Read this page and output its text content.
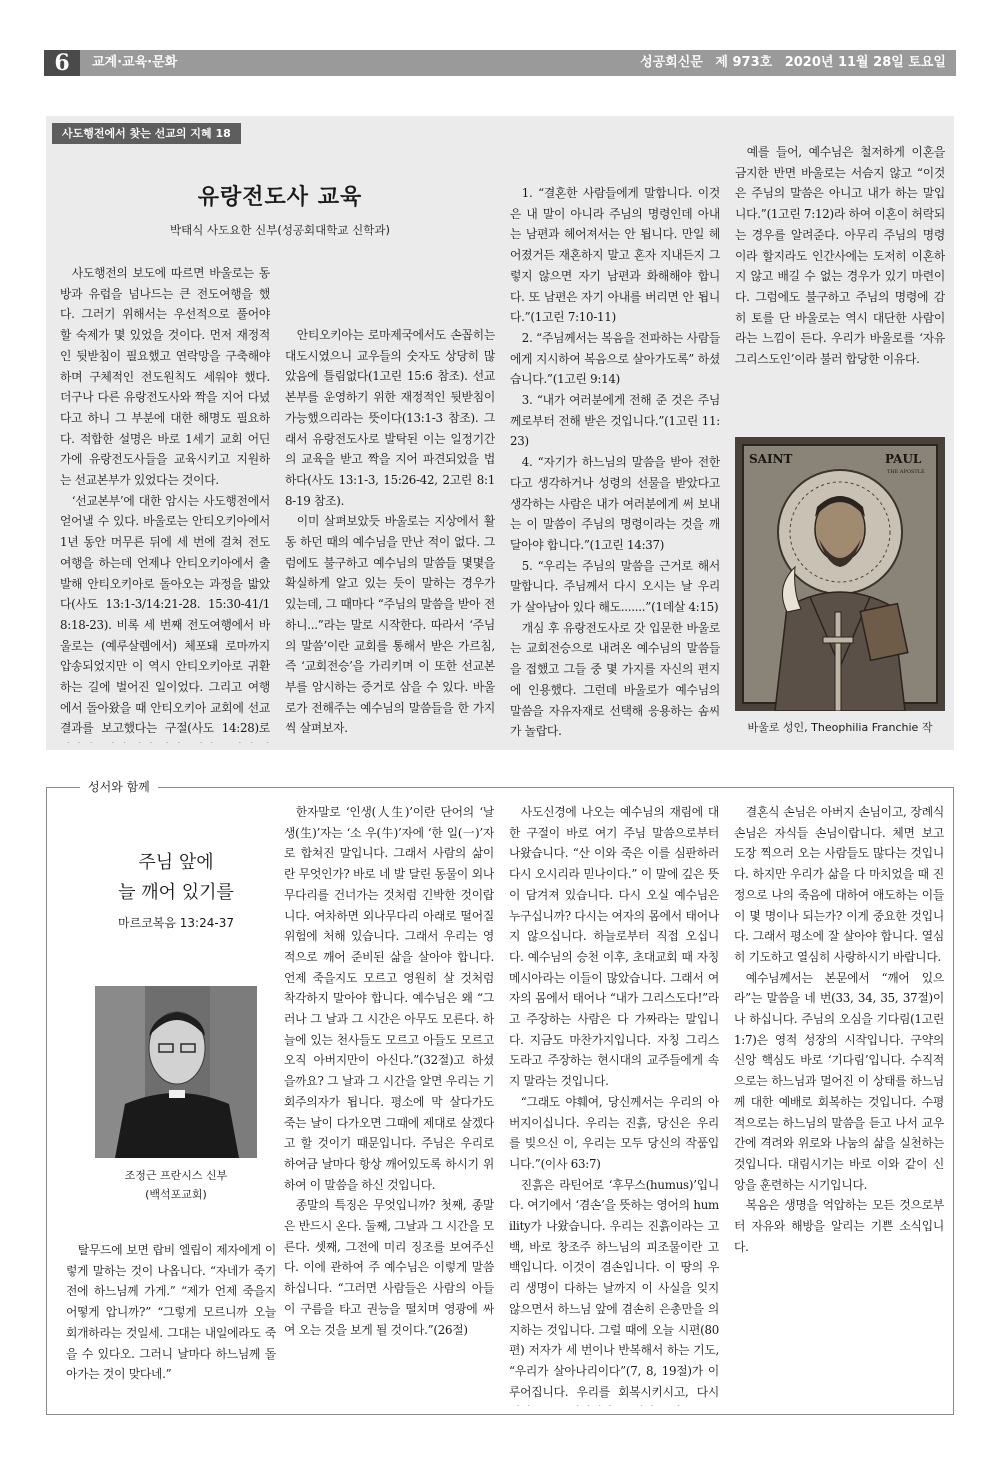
6	교계·교육·문화	성공회신문 제 973호 2020년 11월 28일 토요일
사도행전에서 찾는 선교의 지혜 18
유랑전도사 교육
박태식 사도요한 신부(성공회대학교 신학과)

사도행전의 보도에 따르면 바울로는 동방과 유럽을 넘나드는 큰 전도여행을 했다. 그러기 위해서는 우선적으로 풀어야 할 숙제가 몇 있었을 것이다. 먼저 재정적인 뒷받침이 필요했고 연락망을 구축해야 하며 구체적인 전도원칙도 세워야 했다. 더구나 다른 유랑전도사와 짝을 지어 다녔다고 하니 그 부분에 대한 해명도 필요하다. 적합한 설명은 바로 1세기 교회 어딘가에 유랑전도사들을 교육시키고 지원하는 선교본부가 있었다는 것이다.

‘선교본부’에 대한 암시는 사도행전에서 얻어낼 수 있다. 바울로는 안티오키아에서 1년 동안 머무른 뒤에 세 번에 걸쳐 전도여행을 하는데 언제나 안티오키아에서 출발해 안티오키아로 돌아오는 과정을 밟았다(사도 13:1-3/14:21-28. 15:30-41/18:18-23). 비록 세 번째 전도여행에서 바울로는 (예루살렘에서) 체포돼 로마까지 압송되었지만 이 역시 안티오키아로 귀환하는 길에 벌어진 일이었다. 그리고 여행에서 돌아왔을 때 안티오키아 교회에 선교 결과를 보고했다는 구절(사도 14:28)로

안티오키아는 로마제국에서도 손꼽히는 대도시였으니 교우들의 숫자도 상당히 많았음에 틀림없다(1고린 15:6 참조). 선교본부를 운영하기 위한 재정적인 뒷받침이 가능했으리라는 뜻이다(13:1-3 참조). 그래서 유랑전도사로 발탁된 이는 일정기간의 교육을 받고 짝을 지어 파견되었을 법하다(사도 13:1-3, 15:26-42, 2고린 8:18-19 참조).

이미 살펴보았듯 바울로는 지상에서 활동 하던 때의 예수님을 만난 적이 없다. 그럼에도 불구하고 예수님의 말씀들 몇몇을 확실하게 알고 있는 듯이 말하는 경우가 있는데, 그 때마다 “주님의 말씀을 받아 전하니...”라는 말로 시작한다. 따라서 ‘주님의 말씀’이란 교회를 통해서 받은 가르침, 즉 ‘교회전승’을 가리키며 이 또한 선교본부를 암시하는 증거로 삼을 수 있다. 바울로가 전해주는 예수님의 말씀들을 한 가지씩 살펴보자.

1. “결혼한 사람들에게 말합니다. 이것은 내 말이 아니라 주님의 명령인데 아내는 남편과 헤어져서는 안 됩니다. 만일 헤어졌거든 재혼하지 말고 혼자 지내든지 그렇지 않으면 자기 남편과 화해해야 합니다. 또 남편은 자기 아내를 버리면 안 됩니다.”(1고린 7:10-11)

2. “주님께서는 복음을 전파하는 사람들에게 지시하여 복음으로 살아가도록” 하셨습니다.”(1고린 9:14)

3. “내가 여러분에게 전해 준 것은 주님께로부터 전해 받은 것입니다.”(1고린 11:23)

4. “자기가 하느님의 말씀을 받아 전한다고 생각하거나 성령의 선물을 받았다고 생각하는 사람은 내가 여러분에게 써 보내는 이 말씀이 주님의 명령이라는 것을 깨달아야 합니다.”(1고린 14:37)

5. “우리는 주님의 말씀을 근거로 해서 말합니다. 주님께서 다시 오시는 날 우리가 살아남아 있다 해도.......”(1데살 4:15)

개심 후 유랑전도사로 갓 입문한 바울로는 교회전승으로 내려온 예수님의 말씀들을 접했고 그들 중 몇 가지를 자신의 편지에 인용했다. 그런데 바울로가 예수님의 말씀을 자유자재로 선택해 응용하는 솜씨가 놀랍다.

예를 들어, 예수님은 철저하게 이혼을 금지한 반면 바울로는 서슴지 않고 “이것은 주님의 말씀은 아니고 내가 하는 말입니다.”(1고린 7:12)라 하여 이혼이 허락되는 경우를 알려준다. 아무리 주님의 명령이라 할지라도 인간사에는 도저히 이혼하지 않고 배길 수 없는 경우가 있기 마련이다. 그럼에도 불구하고 주님의 명령에 감히 토를 단 바울로는 역시 대단한 사람이라는 느낌이 든다. 우리가 바울로를 ‘자유 그리스도인’이라 불러 합당한 이유다.

SAINT	PAUL
THE APOSTLE
바울로 성인, Theophilia Franchie 작
성서와 함께
주님 앞에
늘 깨어 있기를
마르코복음 13:24-37
조정근 프란시스 신부
(백석포교회)

탈무드에 보면 랍비 엘립이 제자에게 이렇게 말하는 것이 나옵니다. “자네가 죽기 전에 하느님께 가게.” “제가 언제 죽을지 어떻게 압니까?” “그렇게 모르니까 오늘 회개하라는 것일세. 그대는 내일에라도 죽을 수 있다오. 그러니 날마다 하느님께 돌아가는 것이 맞다네.”

한자말로 ‘인생(人生)’이란 단어의 ‘날 생(生)’자는 ‘소 우(牛)’자에 ‘한 일(一)’자로 합쳐진 말입니다. 그래서 사람의 삶이란 무엇인가? 바로 네 발 달린 동물이 외나무다리를 건너가는 것처럼 긴박한 것이랍니다. 여차하면 외나무다리 아래로 떨어질 위험에 처해 있습니다. 그래서 우리는 영적으로 깨어 준비된 삶을 살아야 합니다. 언제 죽을지도 모르고 영원히 살 것처럼 착각하지 말아야 합니다. 예수님은 왜 “그러나 그 날과 그 시간은 아무도 모른다. 하늘에 있는 천사들도 모르고 아들도 모르고 오직 아버지만이 아신다.”(32절)고 하셨을까요? 그 날과 그 시간을 알면 우리는 기회주의자가 됩니다. 평소에 막 살다가도 죽는 날이 다가오면 그때에 제대로 살겠다고 할 것이기 때문입니다. 주님은 우리로 하여금 날마다 항상 깨어있도록 하시기 위하여 이 말씀을 하신 것입니다.

종말의 특징은 무엇입니까? 첫째, 종말은 반드시 온다. 둘째, 그날과 그 시간을 모른다. 셋째, 그전에 미리 징조를 보여주신다. 이에 관하여 주 예수님은 이렇게 말씀하십니다. “그러면 사람들은 사람의 아들이 구름을 타고 권능을 떨치며 영광에 싸여 오는 것을 보게 될 것이다.”(26절)

사도신경에 나오는 예수님의 재림에 대한 구절이 바로 여기 주님 말씀으로부터 나왔습니다. “산 이와 죽은 이를 심판하러 다시 오시리라 믿나이다.” 이 말에 깊은 뜻이 담겨져 있습니다. 다시 오실 예수님은 누구십니까? 다시는 여자의 몸에서 태어나지 않으십니다. 하늘로부터 직접 오십니다. 예수님의 승천 이후, 초대교회 때 자칭 메시아라는 이들이 많았습니다. 그래서 여자의 몸에서 태어나 “내가 그리스도다!”라고 주장하는 사람은 다 가짜라는 말입니다. 지금도 마찬가지입니다. 자칭 그리스도라고 주장하는 현시대의 교주들에게 속지 말라는 것입니다.

“그래도 야훼여, 당신께서는 우리의 아버지이십니다. 우리는 진흙, 당신은 우리를 빚으신 이, 우리는 모두 당신의 작품입니다.”(이사 63:7)

진흙은 라틴어로 ‘후무스(humus)’입니다. 여기에서 ‘겸손’을 뜻하는 영어의 humility가 나왔습니다. 우리는 진흙이라는 고백, 바로 창조주 하느님의 피조물이란 고백입니다. 이것이 겸손입니다. 이 땅의 우리 생명이 다하는 날까지 이 사실을 잊지 않으면서 하느님 앞에 겸손히 은총만을 의지하는 것입니다. 그럴 때에 오늘 시편(80편) 저자가 세 번이나 반복해서 하는 기도, “우리가 살아나리이다”(7, 8, 19절)가 이루어집니다. 우리를 회복시키시고, 다시

결혼식 손님은 아버지 손님이고, 장례식 손님은 자식들 손님이랍니다. 체면 보고 도장 찍으러 오는 사람들도 많다는 것입니다. 하지만 우리가 삶을 다 마치었을 때 진정으로 나의 죽음에 대하여 애도하는 이들이 몇 명이나 되는가? 이게 중요한 것입니다. 그래서 평소에 잘 살아야 합니다. 열심히 기도하고 열심히 사랑하시기 바랍니다.

예수님께서는 본문에서 “깨어 있으라”는 말씀을 네 번(33, 34, 35, 37절)이나 하십니다. 주님의 오심을 기다림(1고린 1:7)은 영적 성장의 시작입니다. 구약의 신앙 핵심도 바로 ‘기다림’입니다. 수직적으로는 하느님과 멀어진 이 상태를 하느님께 대한 예배로 회복하는 것입니다. 수평적으로는 하느님의 말씀을 듣고 나서 교우 간에 격려와 위로와 나눔의 삶을 실천하는 것입니다. 대림시기는 바로 이와 같이 신앙을 훈련하는 시기입니다.

복음은 생명을 억압하는 모든 것으로부터 자유와 해방을 알리는 기쁜 소식입니다.
